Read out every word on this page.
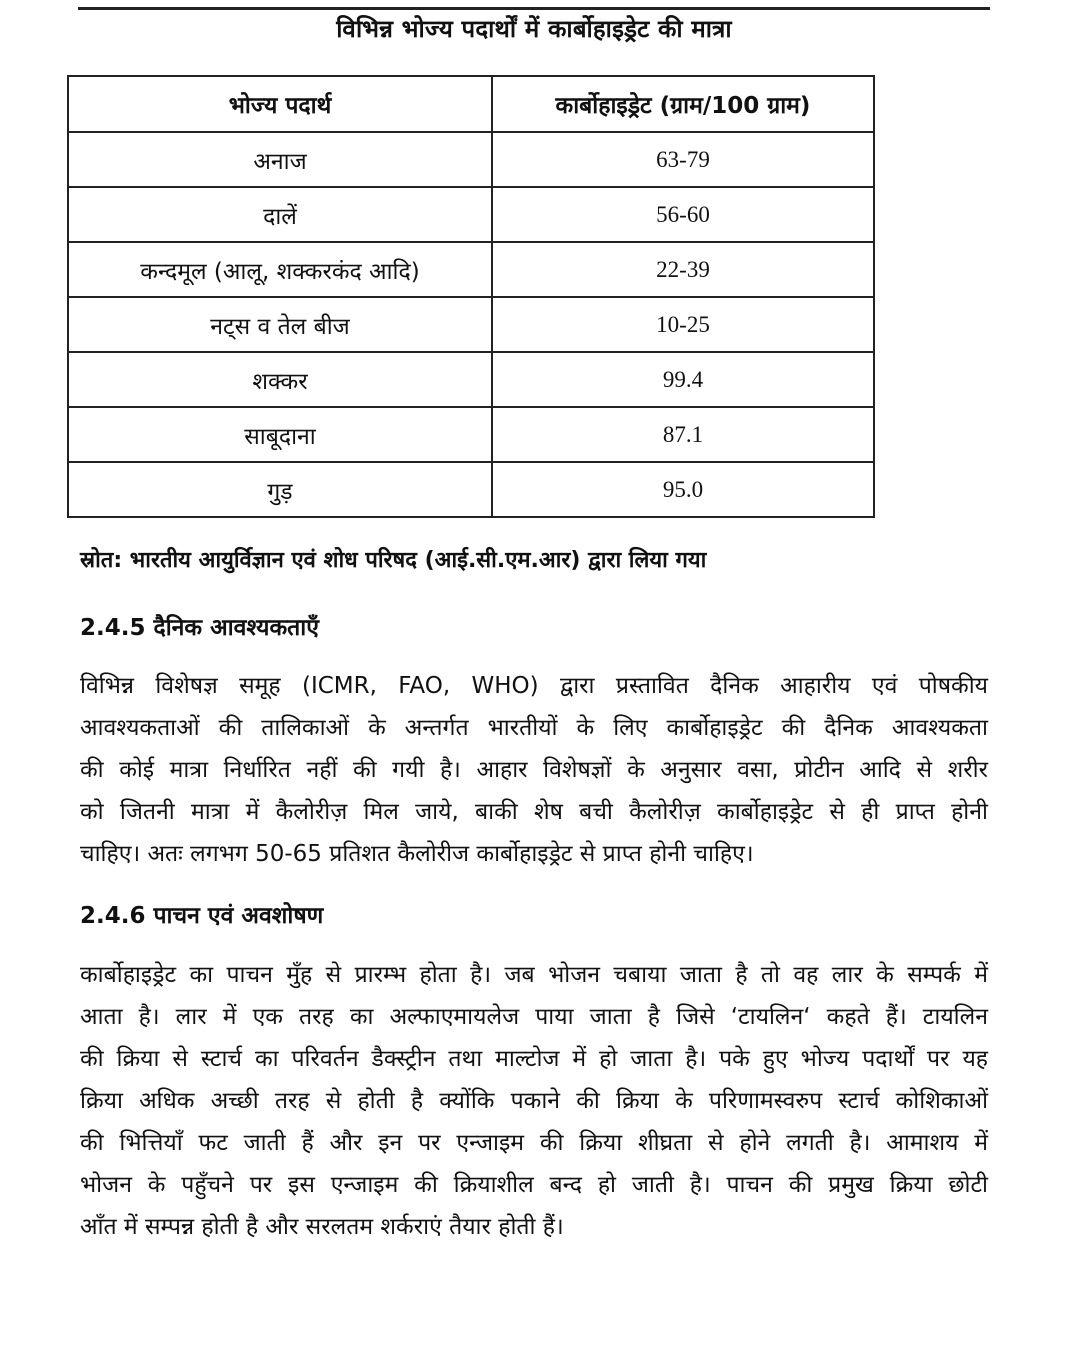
विभिन्न भोज्य पदार्थों में कार्बोहाइड्रेट की मात्रा
भोज्य पदार्थ	कार्बोहाइड्रेट (ग्राम/100 ग्राम)
अनाज	63-79
दालें	56-60
कन्दमूल (आलू, शक्करकंद आदि)	22-39
नट्स व तेल बीज	10-25
शक्कर	99.4
साबूदाना	87.1
गुड़	95.0
स्रोत: भारतीय आयुर्विज्ञान एवं शोध परिषद (आई.सी.एम.आर) द्वारा लिया गया
2.4.5 दैनिक आवश्यकताएँ
विभिन्न विशेषज्ञ समूह (ICMR, FAO, WHO) द्वारा प्रस्तावित दैनिक आहारीय एवं पोषकीय
आवश्यकताओं की तालिकाओं के अन्तर्गत भारतीयों के लिए कार्बोहाइड्रेट की दैनिक आवश्यकता
की कोई मात्रा निर्धारित नहीं की गयी है। आहार विशेषज्ञों के अनुसार वसा, प्रोटीन आदि से शरीर
को जितनी मात्रा में कैलोरीज़ मिल जाये, बाकी शेष बची कैलोरीज़ कार्बोहाइड्रेट से ही प्राप्त होनी
चाहिए। अतः लगभग 50-65 प्रतिशत कैलोरीज कार्बोहाइड्रेट से प्राप्त होनी चाहिए।
2.4.6 पाचन एवं अवशोषण
कार्बोहाइड्रेट का पाचन मुँह से प्रारम्भ होता है। जब भोजन चबाया जाता है तो वह लार के सम्पर्क में
आता है। लार में एक तरह का अल्फाएमायलेज पाया जाता है जिसे ‘टायलिन‘ कहते हैं। टायलिन
की क्रिया से स्टार्च का परिवर्तन डैक्स्ट्रीन तथा माल्टोज में हो जाता है। पके हुए भोज्य पदार्थों पर यह
क्रिया अधिक अच्छी तरह से होती है क्योंकि पकाने की क्रिया के परिणामस्वरुप स्टार्च कोशिकाओं
की भित्तियाँ फट जाती हैं और इन पर एन्जाइम की क्रिया शीघ्रता से होने लगती है। आमाशय में
भोजन के पहुँचने पर इस एन्जाइम की क्रियाशील बन्द हो जाती है। पाचन की प्रमुख क्रिया छोटी
आँत में सम्पन्न होती है और सरलतम शर्कराएं तैयार होती हैं।
